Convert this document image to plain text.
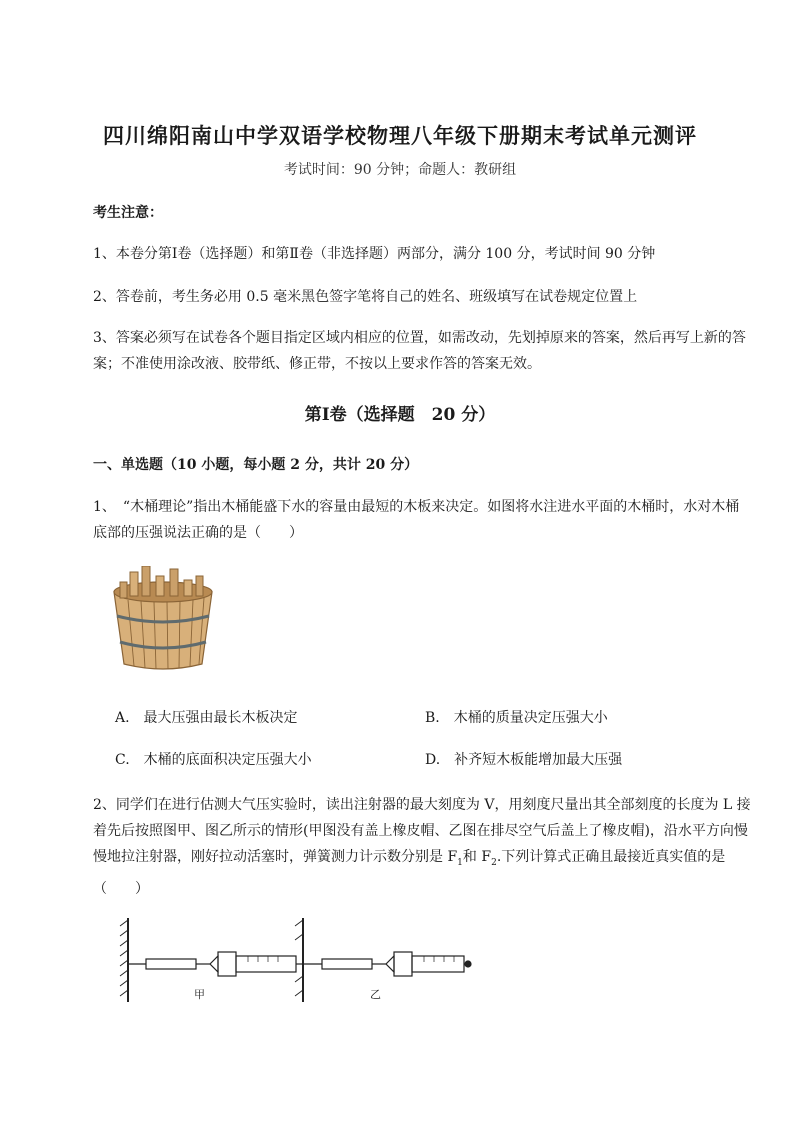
四川绵阳南山中学双语学校物理八年级下册期末考试单元测评
考试时间：90 分钟；命题人：教研组
考生注意：
1、本卷分第Ⅰ卷（选择题）和第Ⅱ卷（非选择题）两部分，满分 100 分，考试时间 90 分钟
2、答卷前，考生务必用 0.5 毫米黑色签字笔将自己的姓名、班级填写在试卷规定位置上
3、答案必须写在试卷各个题目指定区域内相应的位置，如需改动，先划掉原来的答案，然后再写上新的答案；不准使用涂改液、胶带纸、修正带，不按以上要求作答的答案无效。
第Ⅰ卷（选择题　20 分）
一、单选题（10 小题，每小题 2 分，共计 20 分）
1、　“木桶理论”指出木桶能盛下水的容量由最短的木板来决定。如图将水注进水平面的木桶时，水对木桶底部的压强说法正确的是（　　）
A.　最大压强由最长木板决定	B.　木桶的质量决定压强大小
C.　木桶的底面积决定压强大小	D.　补齐短木板能增加最大压强
2、同学们在进行估测大气压实验时，读出注射器的最大刻度为 V，用刻度尺量出其全部刻度的长度为 L 接着先后按照图甲、图乙所示的情形(甲图没有盖上橡皮帽、乙图在排尽空气后盖上了橡皮帽)，沿水平方向慢慢地拉注射器，刚好拉动活塞时，弹簧测力计示数分别是 $F_1$和 $F_2$.下列计算式正确且最接近真实值的是（　　）
甲	乙
